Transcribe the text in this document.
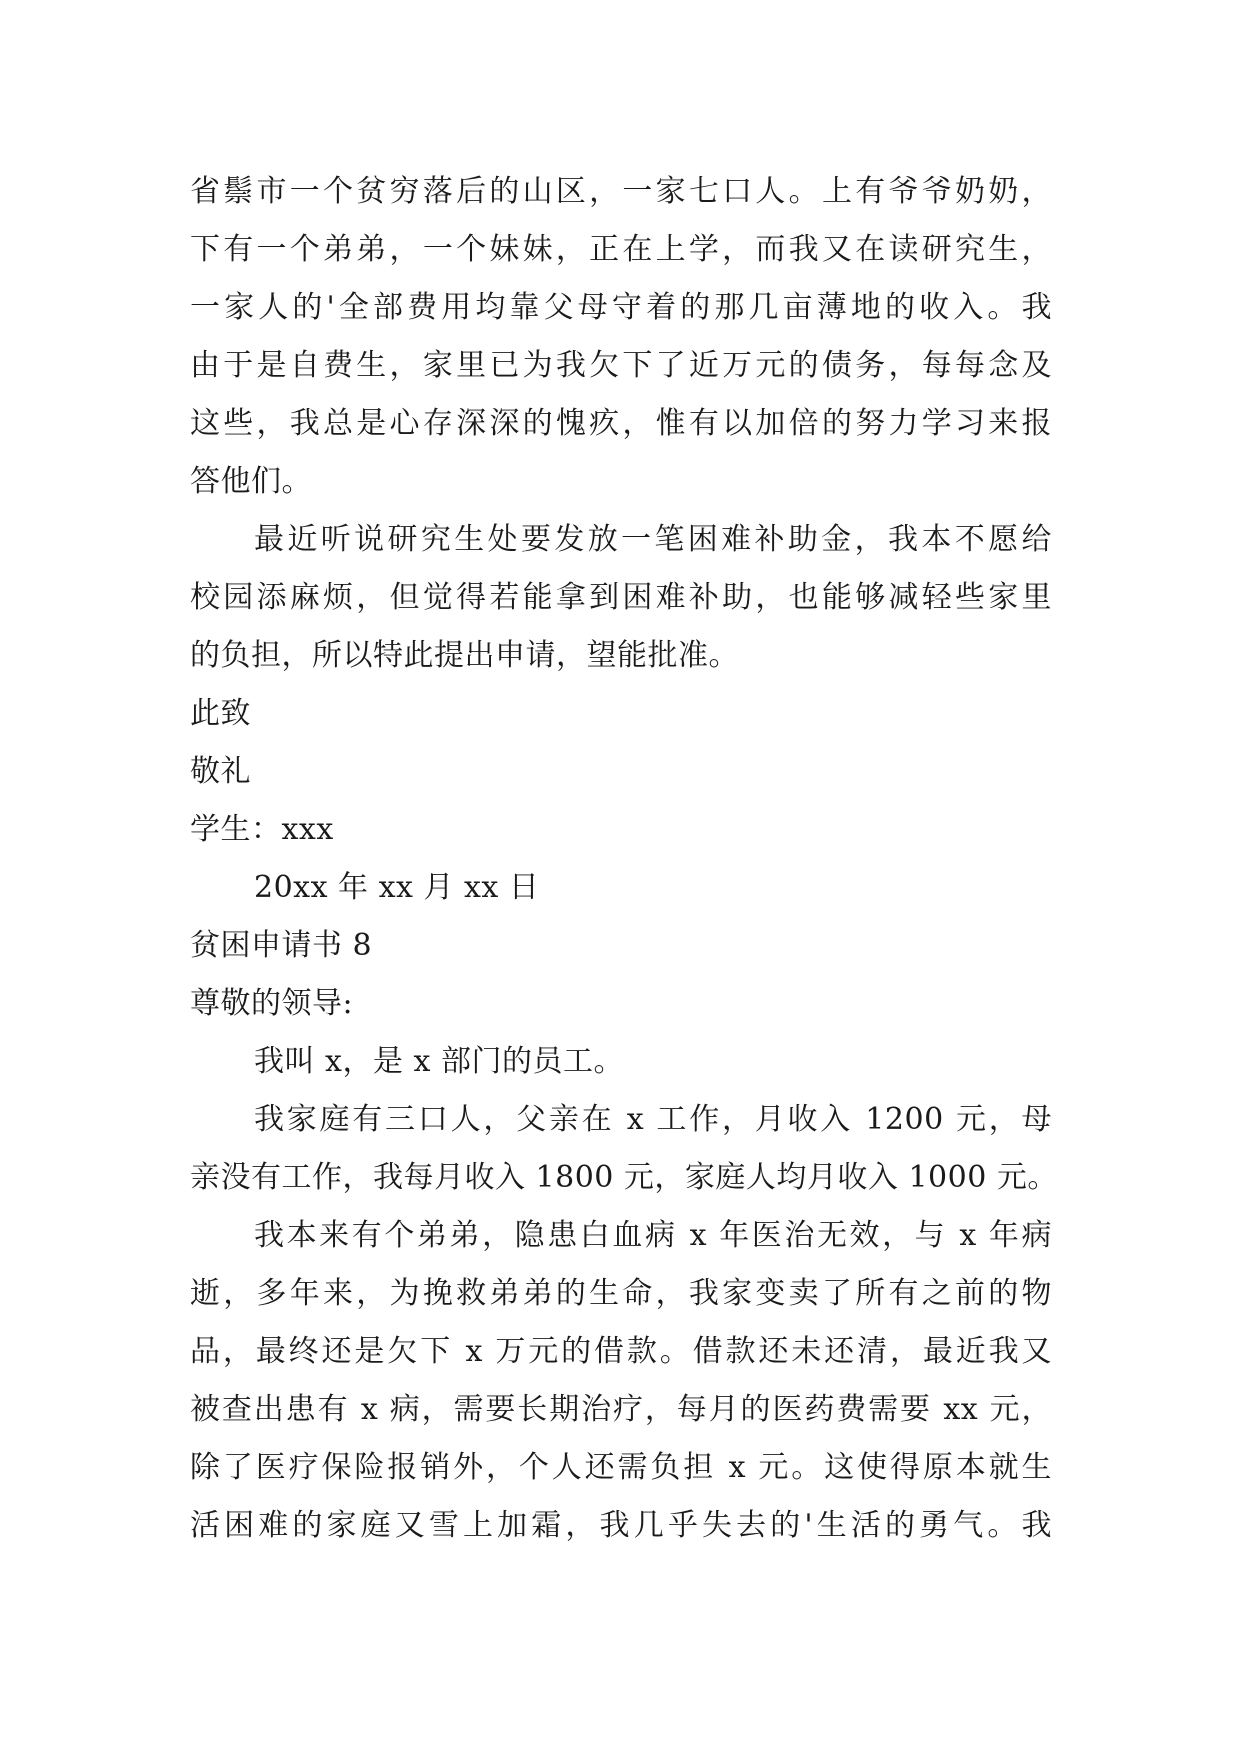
省鬃市一个贫穷落后的山区，一家七口人。上有爷爷奶奶，
下有一个弟弟，一个妹妹，正在上学，而我又在读研究生，
一家人的'全部费用均靠父母守着的那几亩薄地的收入。我
由于是自费生，家里已为我欠下了近万元的债务，每每念及
这些，我总是心存深深的愧疚，惟有以加倍的努力学习来报
答他们。
最近听说研究生处要发放一笔困难补助金，我本不愿给
校园添麻烦，但觉得若能拿到困难补助，也能够减轻些家里
的负担，所以特此提出申请，望能批准。
此致
敬礼
学生：xxx
20xx 年 xx 月 xx 日
贫困申请书 8
尊敬的领导:
我叫 x，是 x 部门的员工。
我家庭有三口人，父亲在 x 工作，月收入 1200 元，母
亲没有工作，我每月收入 1800 元，家庭人均月收入 1000 元。
我本来有个弟弟，隐患白血病 x 年医治无效，与 x 年病
逝，多年来，为挽救弟弟的生命，我家变卖了所有之前的物
品，最终还是欠下 x 万元的借款。借款还未还清，最近我又
被查出患有 x 病，需要长期治疗，每月的医药费需要 xx 元，
除了医疗保险报销外，个人还需负担 x 元。这使得原本就生
活困难的家庭又雪上加霜，我几乎失去的'生活的勇气。我
